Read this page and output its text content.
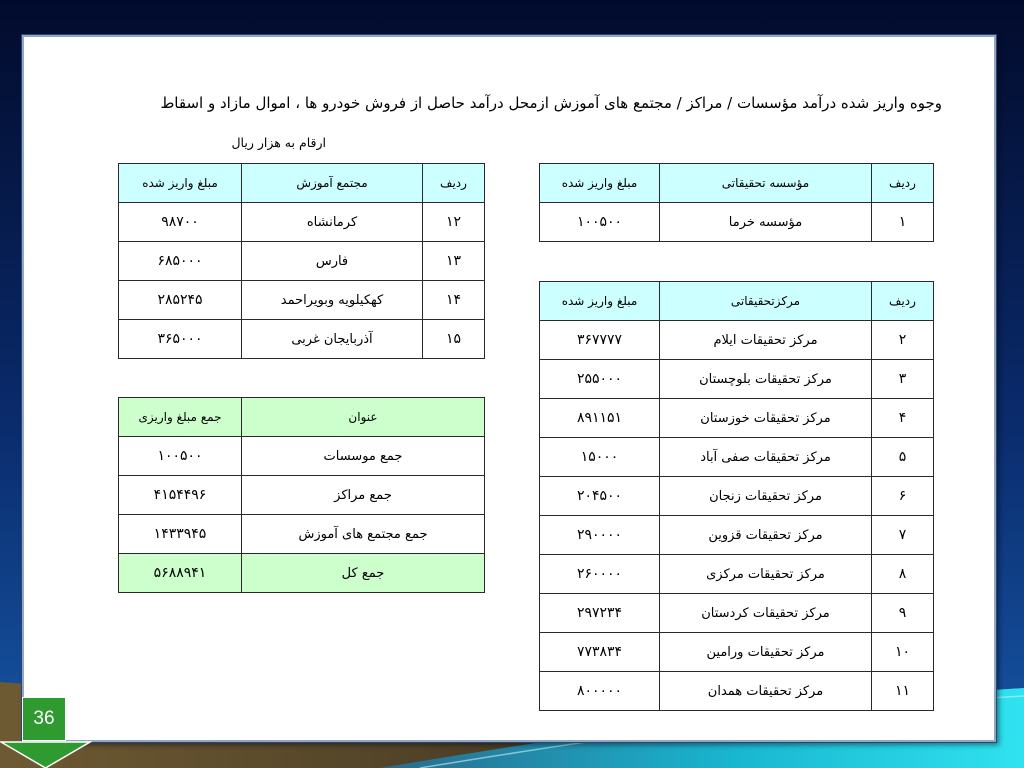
وجوه واریز شده درآمد مؤسسات / مراکز / مجتمع های آموزش ازمحل درآمد حاصل از فروش خودرو ها ، اموال مازاد و اسقاط
ارقام به هزار ریال
ردیف	مجتمع آموزش	مبلغ واریز شده
۱۲	کرمانشاه	۹۸۷۰۰
۱۳	فارس	۶۸۵۰۰۰
۱۴	کهکیلویه وبویراحمد	۲۸۵۲۴۵
۱۵	آذربایجان غربی	۳۶۵۰۰۰
عنوان	جمع مبلغ واریزی
جمع موسسات	۱۰۰۵۰۰
جمع مراکز	۴۱۵۴۴۹۶
جمع مجتمع های آموزش	۱۴۳۳۹۴۵
جمع کل	۵۶۸۸۹۴۱
ردیف	مؤسسه تحقیقاتی	مبلغ واریز شده
۱	مؤسسه خرما	۱۰۰۵۰۰
ردیف	مرکزتحقیقاتی	مبلغ واریز شده
۲	مرکز تحقیقات ایلام	۳۶۷۷۷۷
۳	مرکز تحقیقات بلوچستان	۲۵۵۰۰۰
۴	مرکز تحقیقات خوزستان	۸۹۱۱۵۱
۵	مرکز تحقیقات صفی آباد	۱۵۰۰۰
۶	مرکز تحقیقات زنجان	۲۰۴۵۰۰
۷	مرکز تحقیقات قزوین	۲۹۰۰۰۰
۸	مرکز تحقیقات مرکزی	۲۶۰۰۰۰
۹	مرکز تحقیقات کردستان	۲۹۷۲۳۴
۱۰	مرکز تحقیقات ورامین	۷۷۳۸۳۴
۱۱	مرکز تحقیقات همدان	۸۰۰۰۰۰
36
